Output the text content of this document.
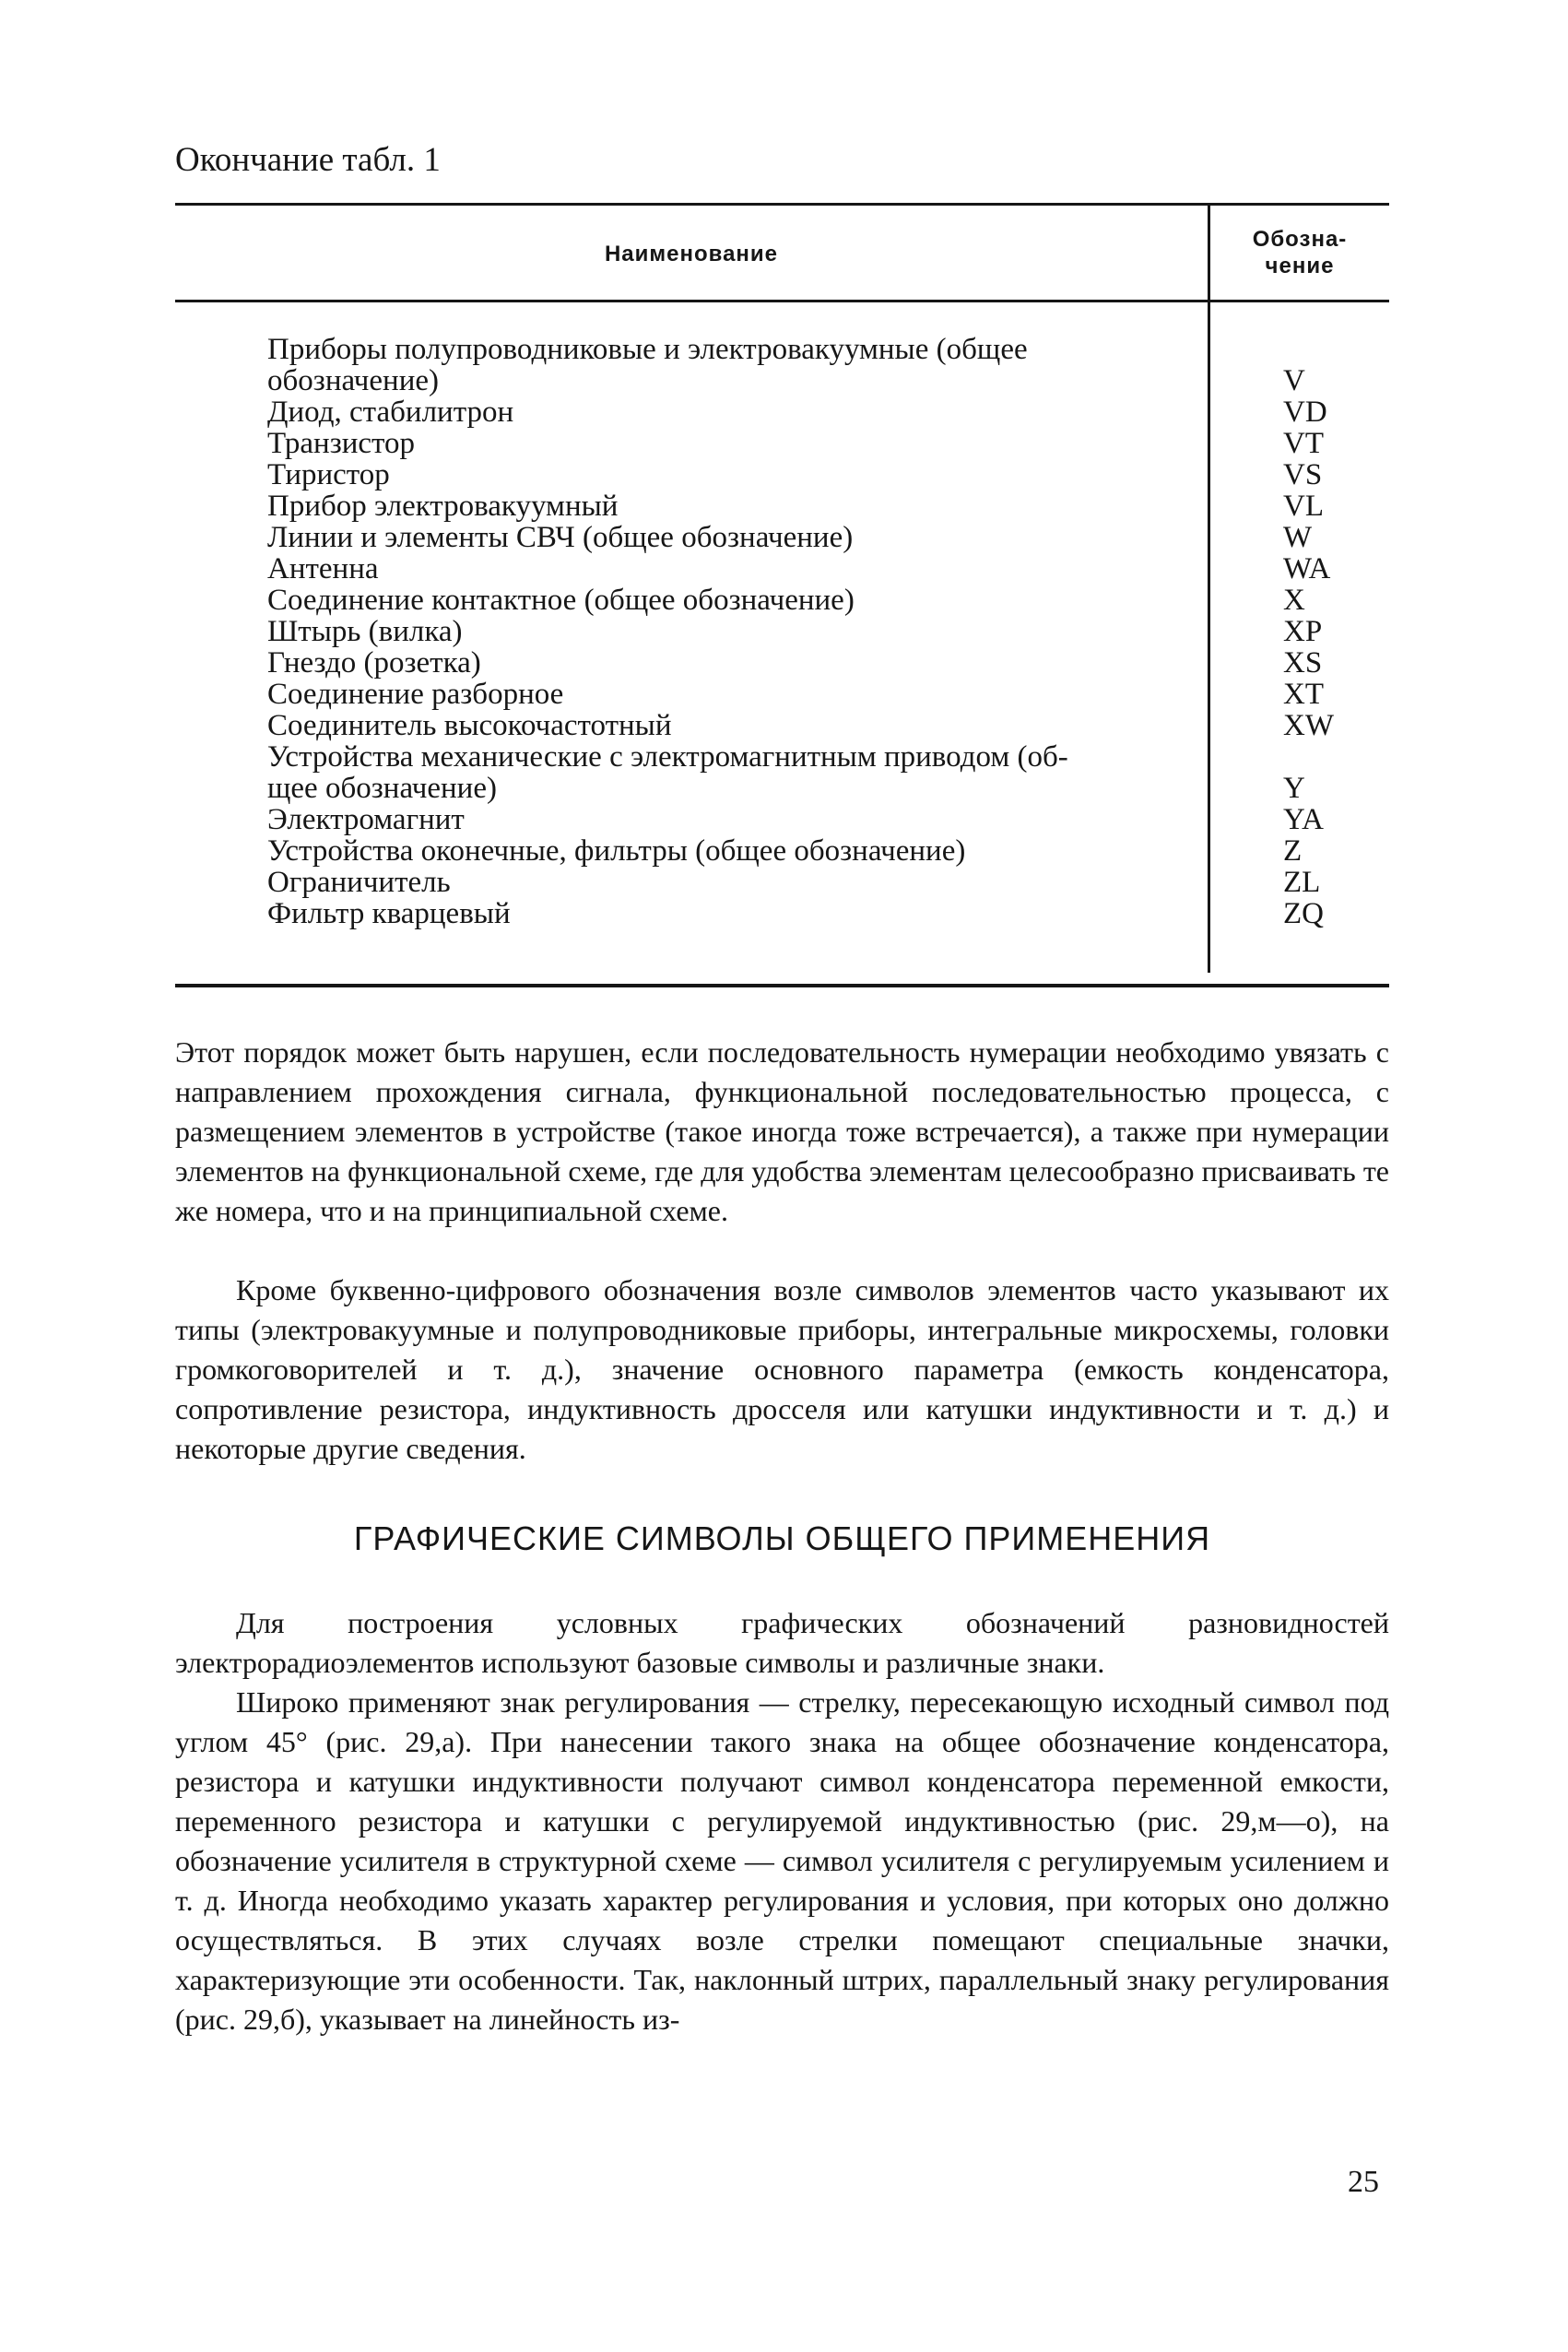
Окончание табл. 1
Наименование
Обозна-
чение
Приборы полупроводниковые и электровакуумные (общее
обозначение)
Диод, стабилитрон
Транзистор
Тиристор
Прибор электровакуумный
Линии и элементы СВЧ (общее обозначение)
Антенна
Соединение контактное (общее обозначение)
Штырь (вилка)
Гнездо (розетка)
Соединение разборное
Соединитель высокочастотный
Устройства механические с электромагнитным приводом (об-
щее обозначение)
Электромагнит
Устройства оконечные, фильтры (общее обозначение)
Ограничитель
Фильтр кварцевый
V
VD
VT
VS
VL
W
WA
X
XP
XS
XT
XW

Y
YA
Z
ZL
ZQ

Этот порядок может быть нарушен, если последовательность нумерации необходимо увязать с направлением прохождения сигнала, функциональной последовательностью процесса, с размещением элементов в устройстве (такое иногда тоже встречается), а также при нумерации элементов на функциональной схеме, где для удобства элементам целесообразно присваивать те же номера, что и на принципиальной схеме.

Кроме буквенно-цифрового обозначения возле символов элементов часто указывают их типы (электровакуумные и полупроводниковые приборы, интегральные микросхемы, головки громкоговорителей и т. д.), значение основного параметра (емкость конденсатора, сопротивление резистора, индуктивность дросселя или катушки индуктивности и т. д.) и некоторые другие сведения.

ГРАФИЧЕСКИЕ СИМВОЛЫ ОБЩЕГО ПРИМЕНЕНИЯ

Для построения условных графических обозначений разновидностей электрорадиоэлементов используют базовые символы и различные знаки.

Широко применяют знак регулирования — стрелку, пересекающую исходный символ под углом 45° (рис. 29,а). При нанесении такого знака на общее обозначение конденсатора, резистора и катушки индуктивности получают символ конденсатора переменной емкости, переменного резистора и катушки с регулируемой индуктивностью (рис. 29,м—о), на обозначение усилителя в структурной схеме — символ усилителя с регулируемым усилением и т. д. Иногда необходимо указать характер регулирования и условия, при которых оно должно осуществляться. В этих случаях возле стрелки помещают специальные значки, характеризующие эти особенности. Так, наклонный штрих, параллельный знаку регулирования (рис. 29,б), указывает на линейность из-

25
